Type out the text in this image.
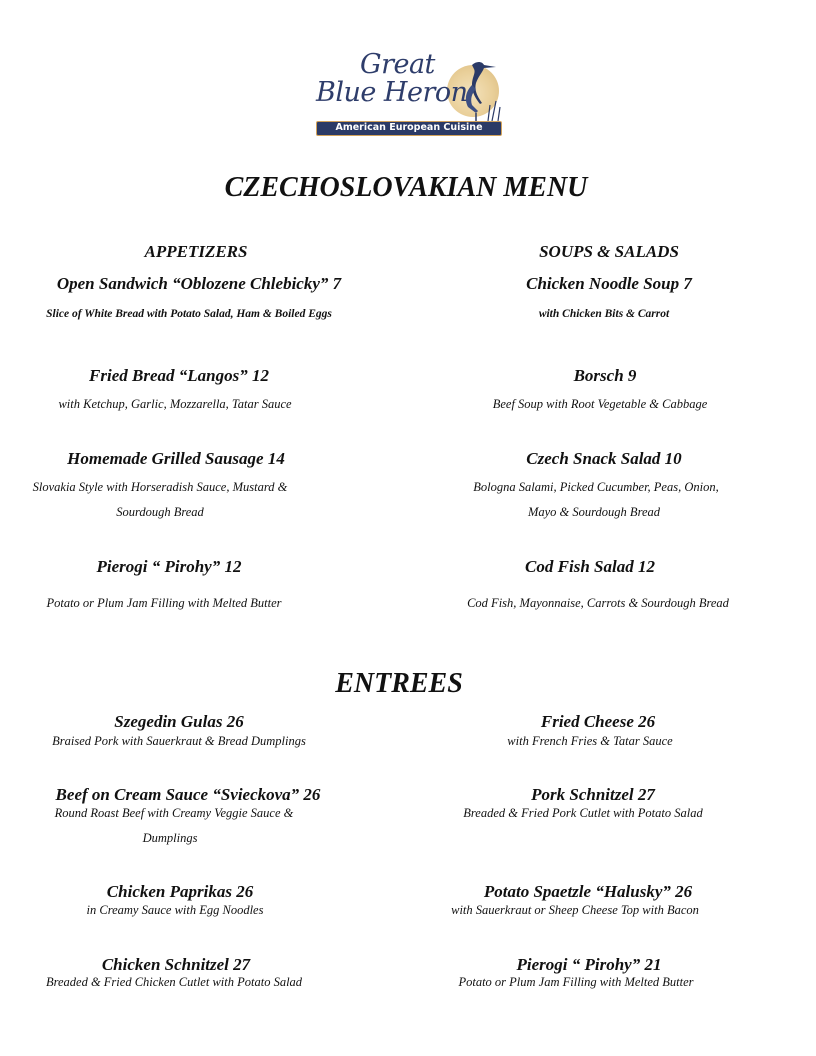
Great
Blue Heron
American European Cuisine
CZECHOSLOVAKIAN MENU
APPETIZERS
Open Sandwich “Oblozene Chlebicky” 7
Slice of White Bread with Potato Salad, Ham & Boiled Eggs
Fried Bread “Langos” 12
with Ketchup, Garlic, Mozzarella, Tatar Sauce
Homemade Grilled Sausage 14
Slovakia Style with Horseradish Sauce, Mustard &
Sourdough Bread
Pierogi “ Pirohy” 12
Potato or Plum Jam Filling with Melted Butter
SOUPS & SALADS
Chicken Noodle Soup 7
with Chicken Bits & Carrot
Borsch 9
Beef Soup with Root Vegetable & Cabbage
Czech Snack Salad 10
Bologna Salami, Picked Cucumber, Peas, Onion,
Mayo & Sourdough Bread
Cod Fish Salad 12
Cod Fish, Mayonnaise, Carrots & Sourdough Bread
ENTREES
Szegedin Gulas 26
Braised Pork with Sauerkraut & Bread Dumplings
Beef on Cream Sauce “Svieckova” 26
Round Roast Beef with Creamy Veggie Sauce &
Dumplings
Chicken Paprikas 26
in Creamy Sauce with Egg Noodles
Chicken Schnitzel 27
Breaded & Fried Chicken Cutlet with Potato Salad
Fried Cheese 26
with French Fries & Tatar Sauce
Pork Schnitzel 27
Breaded & Fried Pork Cutlet with Potato Salad
Potato Spaetzle “Halusky” 26
with Sauerkraut or Sheep Cheese Top with Bacon
Pierogi “ Pirohy” 21
Potato or Plum Jam Filling with Melted Butter
